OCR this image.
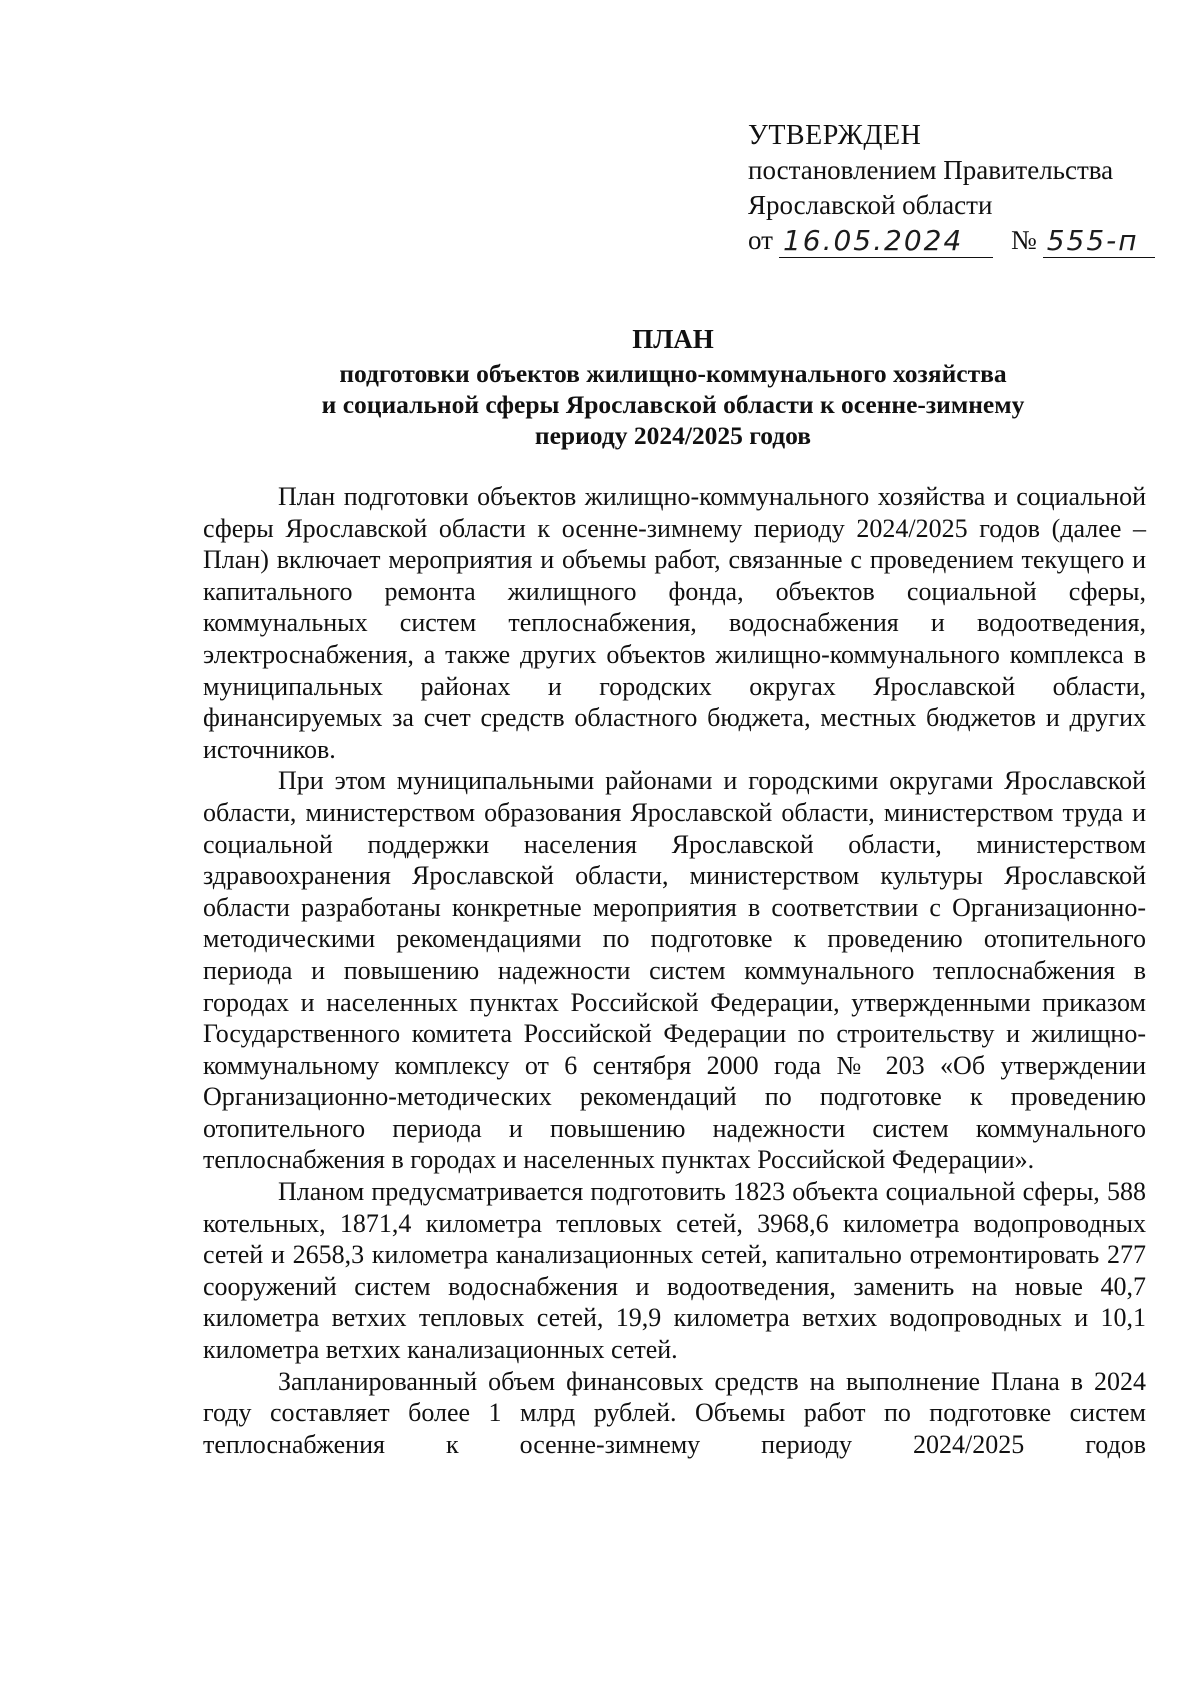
УТВЕРЖДЕН
постановлением Правительства
Ярославской области
от 16.05.2024	№ 555-п
ПЛАН
подготовки объектов жилищно-коммунального хозяйства
и социальной сферы Ярославской области к осенне-зимнему
периоду 2024/2025 годов

План подготовки объектов жилищно-коммунального хозяйства и социальной сферы Ярославской области к осенне-зимнему периоду 2024/2025 годов (далее – План) включает мероприятия и объемы работ, связанные с проведением текущего и капитального ремонта жилищного фонда, объектов социальной сферы, коммунальных систем теплоснабжения, водоснабжения и водоотведения, электроснабжения, а также других объектов жилищно-коммунального комплекса в муниципальных районах и городских округах Ярославской области, финансируемых за счет средств областного бюджета, местных бюджетов и других источников.

При этом муниципальными районами и городскими округами Ярославской области, министерством образования Ярославской области, министерством труда и социальной поддержки населения Ярославской области, министерством здравоохранения Ярославской области, министерством культуры Ярославской области разработаны конкретные мероприятия в соответствии с Организационно-методическими рекомендациями по подготовке к проведению отопительного периода и повышению надежности систем коммунального теплоснабжения в городах и населенных пунктах Российской Федерации, утвержденными приказом Государственного комитета Российской Федерации по строительству и жилищно-коммунальному комплексу от 6 сентября 2000 года № 203 «Об утверждении Организационно-методических рекомендаций по подготовке к проведению отопительного периода и повышению надежности систем коммунального теплоснабжения в городах и населенных пунктах Российской Федерации».

Планом предусматривается подготовить 1823 объекта социальной сферы, 588 котельных, 1871,4 километра тепловых сетей, 3968,6 километра водопроводных сетей и 2658,3 километра канализационных сетей, капитально отремонтировать 277 сооружений систем водоснабжения и водоотведения, заменить на новые 40,7 километра ветхих тепловых сетей, 19,9 километра ветхих водопроводных и 10,1 километра ветхих канализационных сетей.

Запланированный объем финансовых средств на выполнение Плана в 2024 году составляет более 1 млрд рублей. Объемы работ по подготовке систем теплоснабжения к осенне-зимнему периоду 2024/2025 годов
